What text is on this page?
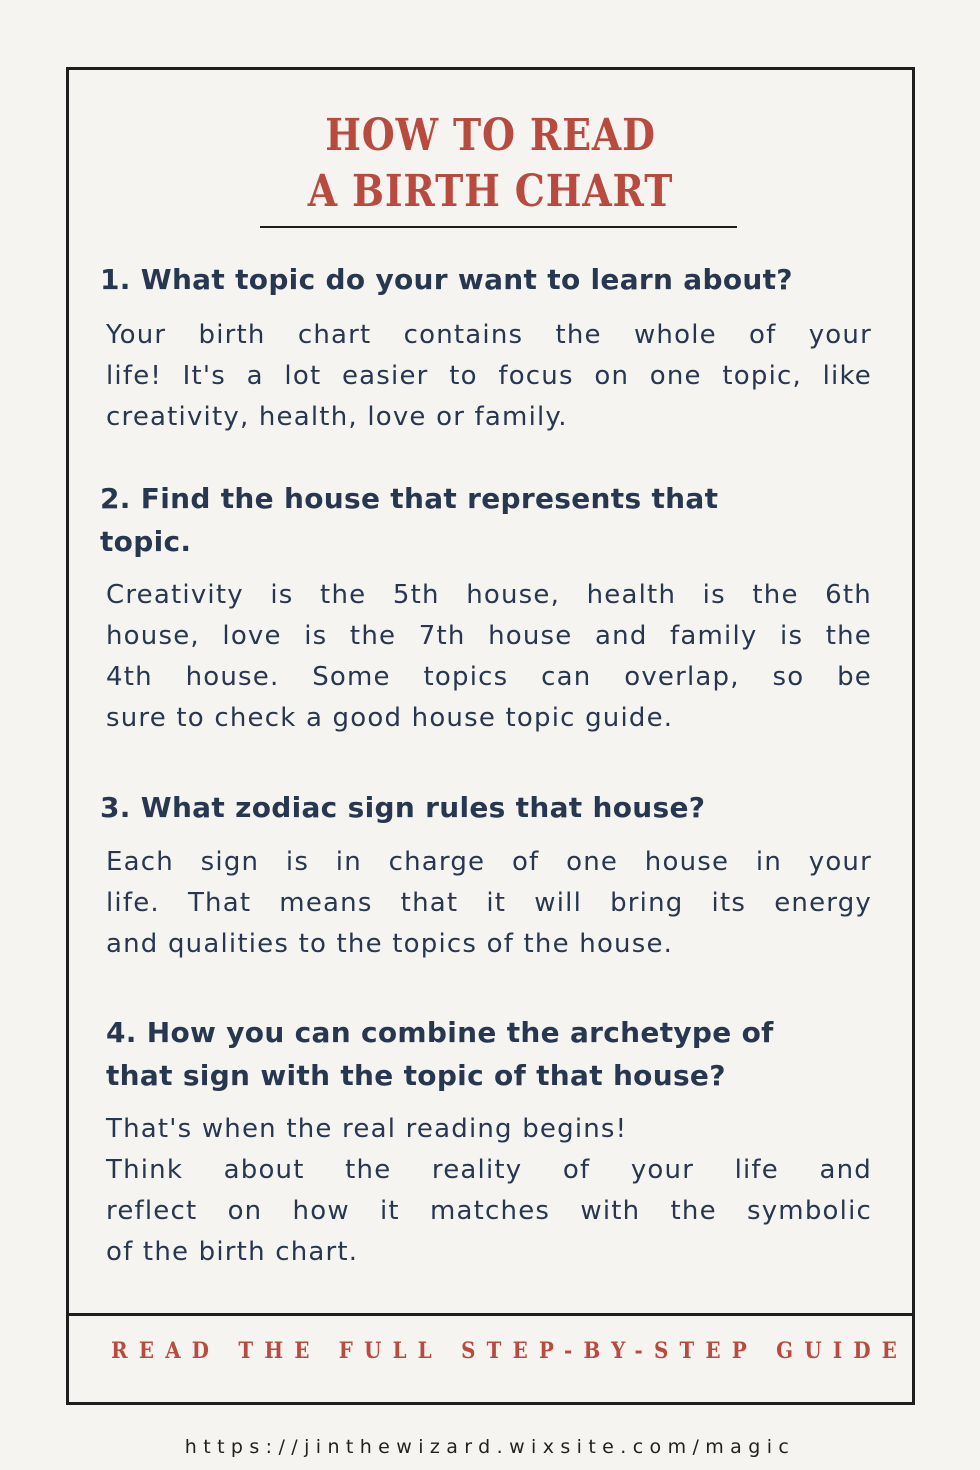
HOW TO READ
A BIRTH CHART
1. What topic do your want to learn about?
Your birth chart contains the whole of your
life! It's a lot easier to focus on one topic, like
creativity, health, love or family.
2. Find the house that represents that
topic.
Creativity is the 5th house, health is the 6th
house, love is the 7th house and family is the
4th house. Some topics can overlap, so be
sure to check a good house topic guide.
3. What zodiac sign rules that house?
Each sign is in charge of one house in your
life. That means that it will bring its energy
and qualities to the topics of the house.
4. How you can combine the archetype of
that sign with the topic of that house?
That's when the real reading begins!
Think about the reality of your life and
reflect on how it matches with the symbolic
of the birth chart.
READ THE FULL STEP-BY-STEP GUIDE
https://jinthewizard.wixsite.com/magic
